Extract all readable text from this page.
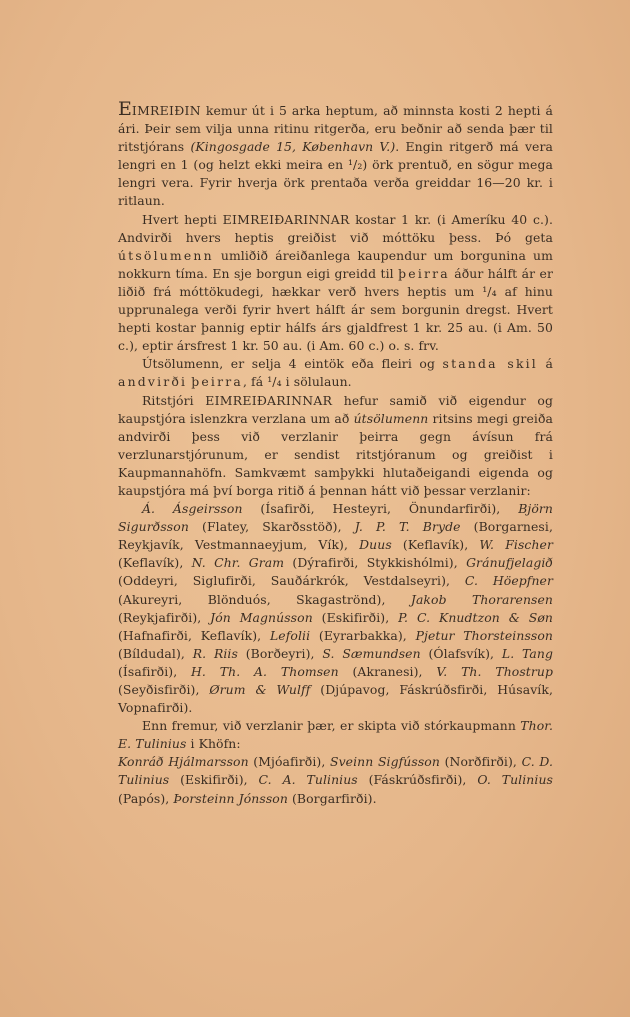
EIMREIÐIN kemur út i 5 arka heptum, að minnsta kosti 2 hepti á ári. Þeir sem vilja unna ritinu ritgerða, eru beðnir að senda þær til ritstjórans (Kingosgade 15, København V.). Engin ritgerð má vera lengri en 1 (og helzt ekki meira en ¹/₂) örk prentuð, en sögur mega lengri vera. Fyrir hverja örk prentaða verða greiddar 16—20 kr. i ritlaun.

Hvert hepti EIMREIÐARINNAR kostar 1 kr. (i Ameríku 40 c.). Andvirði hvers heptis greiðist við móttöku þess. Þó geta útsölumenn umliðið áreiðanlega kaupendur um borgunina um nokkurn tíma. En sje borgun eigi greidd til þeirra áður hálft ár er liðið frá móttökudegi, hækkar verð hvers heptis um ¹/₄ af hinu upprunalega verði fyrir hvert hálft ár sem borgunin dregst. Hvert hepti kostar þannig eptir hálfs árs gjaldfrest 1 kr. 25 au. (i Am. 50 c.), eptir ársfrest 1 kr. 50 au. (i Am. 60 c.) o. s. frv.

Útsölumenn, er selja 4 eintök eða fleiri og standa skil á andvirði þeirra, fá ¹/₄ i sölulaun.

Ritstjóri EIMREIÐARINNAR hefur samið við eigendur og kaupstjóra islenzkra verzlana um að útsölumenn ritsins megi greiða andvirði þess við verzlanir þeirra gegn ávísun frá verzlunarstjórunum, er sendist ritstjóranum og greiðist i Kaupmannahöfn. Samkvæmt samþykki hlutaðeigandi eigenda og kaupstjóra má því borga ritið á þennan hátt við þessar verzlanir:

Á. Ásgeirsson (Ísafirði, Hesteyri, Önundarfirði), Björn Sigurðsson (Flatey, Skarðsstöð), J. P. T. Bryde (Borgarnesi, Reykjavík, Vestmannaeyjum, Vík), Duus (Keflavík), W. Fischer (Keflavík), N. Chr. Gram (Dýrafirði, Stykkishólmi), Gránufjelagið (Oddeyri, Siglufirði, Sauðárkrók, Vestdalseyri), C. Höepfner (Akureyri, Blönduós, Skagaströnd), Jakob Thorarensen (Reykjafirði), Jón Magnússon (Eskifirði), P. C. Knudtzon & Søn (Hafnafirði, Keflavík), Lefolii (Eyrarbakka), Pjetur Thorsteinsson (Bíldudal), R. Riis (Borðeyri), S. Sæmundsen (Ólafsvík), L. Tang (Ísafirði), H. Th. A. Thomsen (Akranesi), V. Th. Thostrup (Seyðisfirði), Ørum & Wulff (Djúpavog, Fáskrúðsfirði, Húsavík, Vopnafirði).

Enn fremur, við verzlanir þær, er skipta við stórkaupmann Thor. E. Tulinius i Khöfn:

Konráð Hjálmarsson (Mjóafirði), Sveinn Sigfússon (Norðfirði), C. D. Tulinius (Eskifirði), C. A. Tulinius (Fáskrúðsfirði), O. Tulinius (Papós), Þorsteinn Jónsson (Borgarfirði).
